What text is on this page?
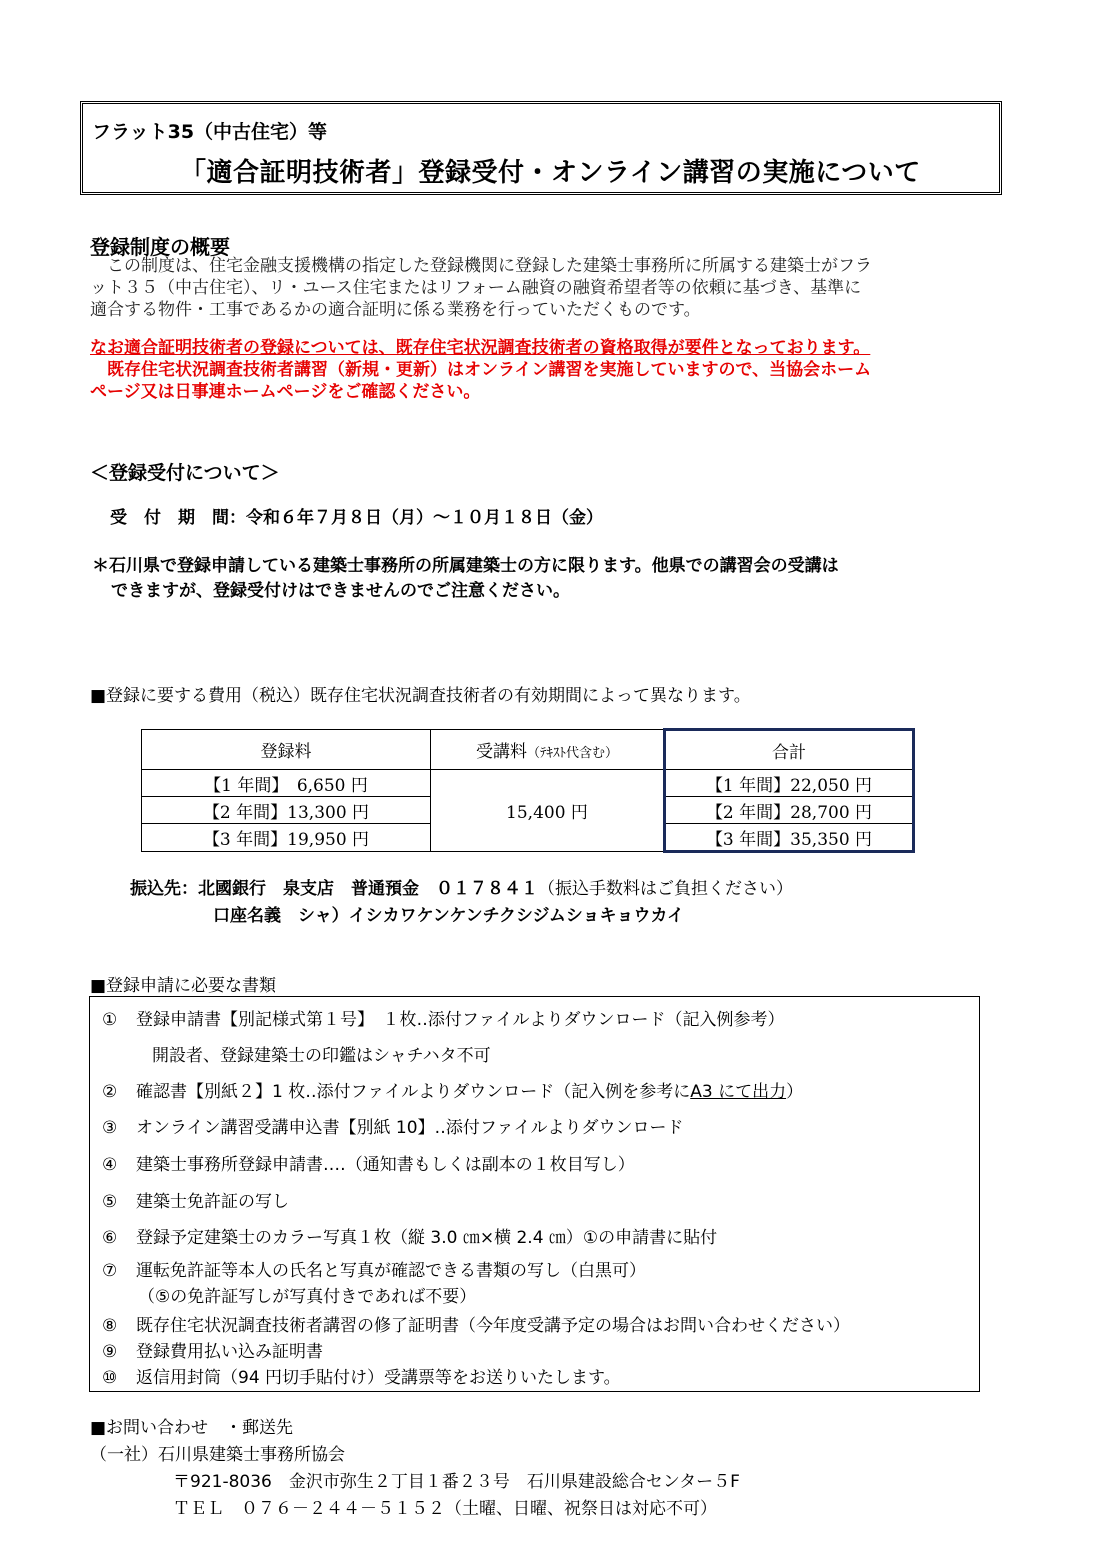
フラット35（中古住宅）等
「適合証明技術者」登録受付・オンライン講習の実施について
登録制度の概要
　この制度は、住宅金融支援機構の指定した登録機関に登録した建築士事務所に所属する建築士がフラ
ット３５（中古住宅）、リ・ユース住宅またはリフォーム融資の融資希望者等の依頼に基づき、基準に
適合する物件・工事であるかの適合証明に係る業務を行っていただくものです。
なお適合証明技術者の登録については、既存住宅状況調査技術者の資格取得が要件となっております。
　既存住宅状況調査技術者講習（新規・更新）はオンライン講習を実施していますので、当協会ホーム
ページ又は日事連ホームページをご確認ください。
＜登録受付について＞
受　付　期　間：令和６年７月８日（月）～１０月１８日（金）
＊石川県で登録申請している建築士事務所の所属建築士の方に限ります。他県での講習会の受講は
できますが、登録受付けはできませんのでご注意ください。
■登録に要する費用（税込）既存住宅状況調査技術者の有効期間によって異なります。
登録料	受講料（ﾃｷｽﾄ代含む）	合計
【1 年間】　6,650 円	15,400 円	【1 年間】22,050 円
【2 年間】13,300 円		【2 年間】28,700 円
【3 年間】19,950 円		【3 年間】35,350 円
振込先：北國銀行　泉支店　普通預金　０１７８４１（振込手数料はご負担ください）
口座名義　シャ）イシカワケンケンチクシジムショキョウカイ
■登録申請に必要な書類
① 登録申請書【別記様式第１号】　１枚‥添付ファイルよりダウンロード（記入例参考）
開設者、登録建築士の印鑑はシャチハタ不可
② 確認書【別紙２】1 枚‥添付ファイルよりダウンロード（記入例を参考にA3 にて出力）
③ オンライン講習受講申込書【別紙 10】‥添付ファイルよりダウンロード
④ 建築士事務所登録申請書‥‥（通知書もしくは副本の１枚目写し）
⑤ 建築士免許証の写し
⑥ 登録予定建築士のカラー写真１枚（縦 3.0 ㎝×横 2.4 ㎝）①の申請書に貼付
⑦ 運転免許証等本人の氏名と写真が確認できる書類の写し（白黒可）
（⑤の免許証写しが写真付きであれば不要）
⑧ 既存住宅状況調査技術者講習の修了証明書（今年度受講予定の場合はお問い合わせください）
⑨ 登録費用払い込み証明書
⑩ 返信用封筒（94 円切手貼付け）受講票等をお送りいたします。
■お問い合わせ　・郵送先
（一社）石川県建築士事務所協会
〒921-8036　金沢市弥生２丁目１番２３号　石川県建設総合センター５F
ＴＥＬ　０７６－２４４－５１５２（土曜、日曜、祝祭日は対応不可）
